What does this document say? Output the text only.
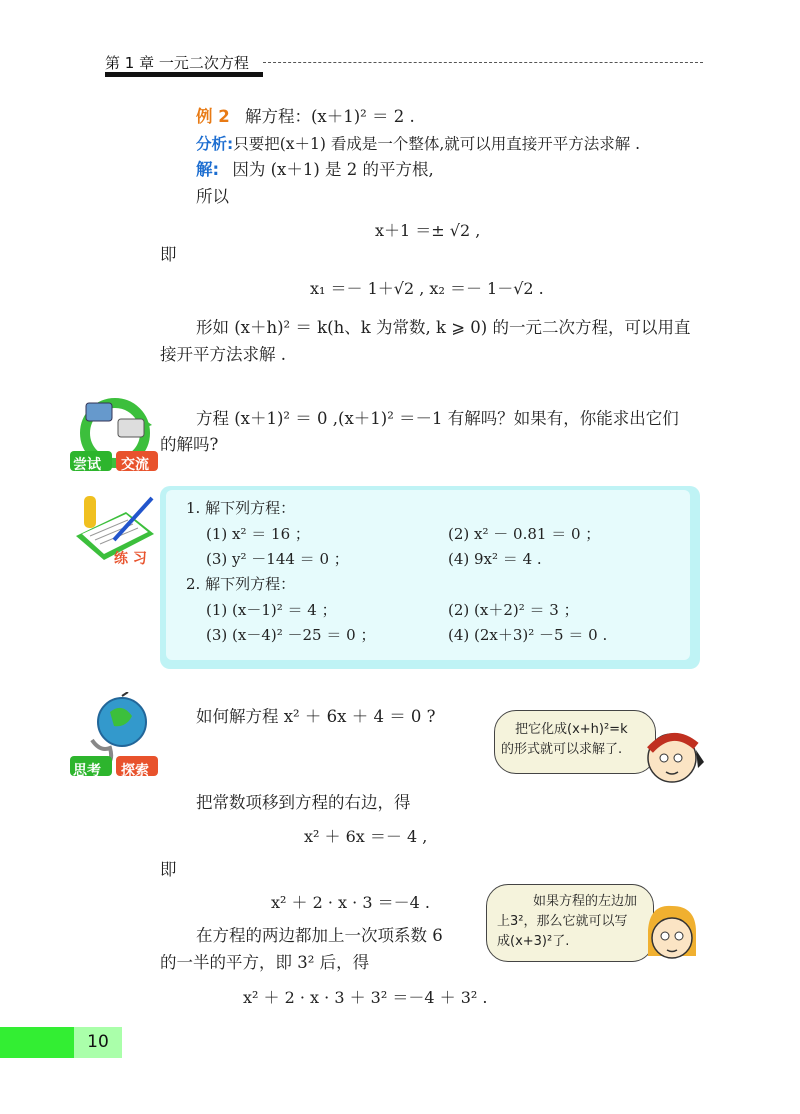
第 1 章 一元二次方程
例 2 解方程：(x＋1)² ＝ 2 .
分析:只要把(x＋1) 看成是一个整体,就可以用直接开平方法求解 .
解: 因为 (x＋1) 是 2 的平方根,
所以
x＋1 ＝± √2 ,
即
x₁ ＝－ 1＋√2 , x₂ ＝－ 1－√2 .
形如 (x＋h)² ＝ k(h、k 为常数, k ⩾ 0) 的一元二次方程，可以用直
接开平方法求解 .
尝试 交流
方程 (x＋1)² ＝ 0 ,(x＋1)² ＝－1 有解吗？如果有，你能求出它们
的解吗?
练 习
1. 解下列方程：
(1) x² ＝ 16 ；	(2) x² － 0.81 ＝ 0 ；
(3) y² －144 ＝ 0 ；	(4) 9x² ＝ 4 .
2. 解下列方程：
(1) (x－1)² ＝ 4 ；	(2) (x＋2)² ＝ 3 ；
(3) (x－4)² －25 ＝ 0 ；	(4) (2x＋3)² －5 ＝ 0 .
思考 探索
如何解方程 x² ＋ 6x ＋ 4 ＝ 0 ?
把它化成(x+h)²=k
的形式就可以求解了.
把常数项移到方程的右边，得
x² ＋ 6x ＝－ 4 ,
即
x² ＋ 2 · x · 3 ＝－4 .	如果方程的左边加
上3²，那么它就可以写
成(x+3)²了.
在方程的两边都加上一次项系数 6
的一半的平方，即 3² 后，得
x² ＋ 2 · x · 3 ＋ 3² ＝－4 ＋ 3² .
10
